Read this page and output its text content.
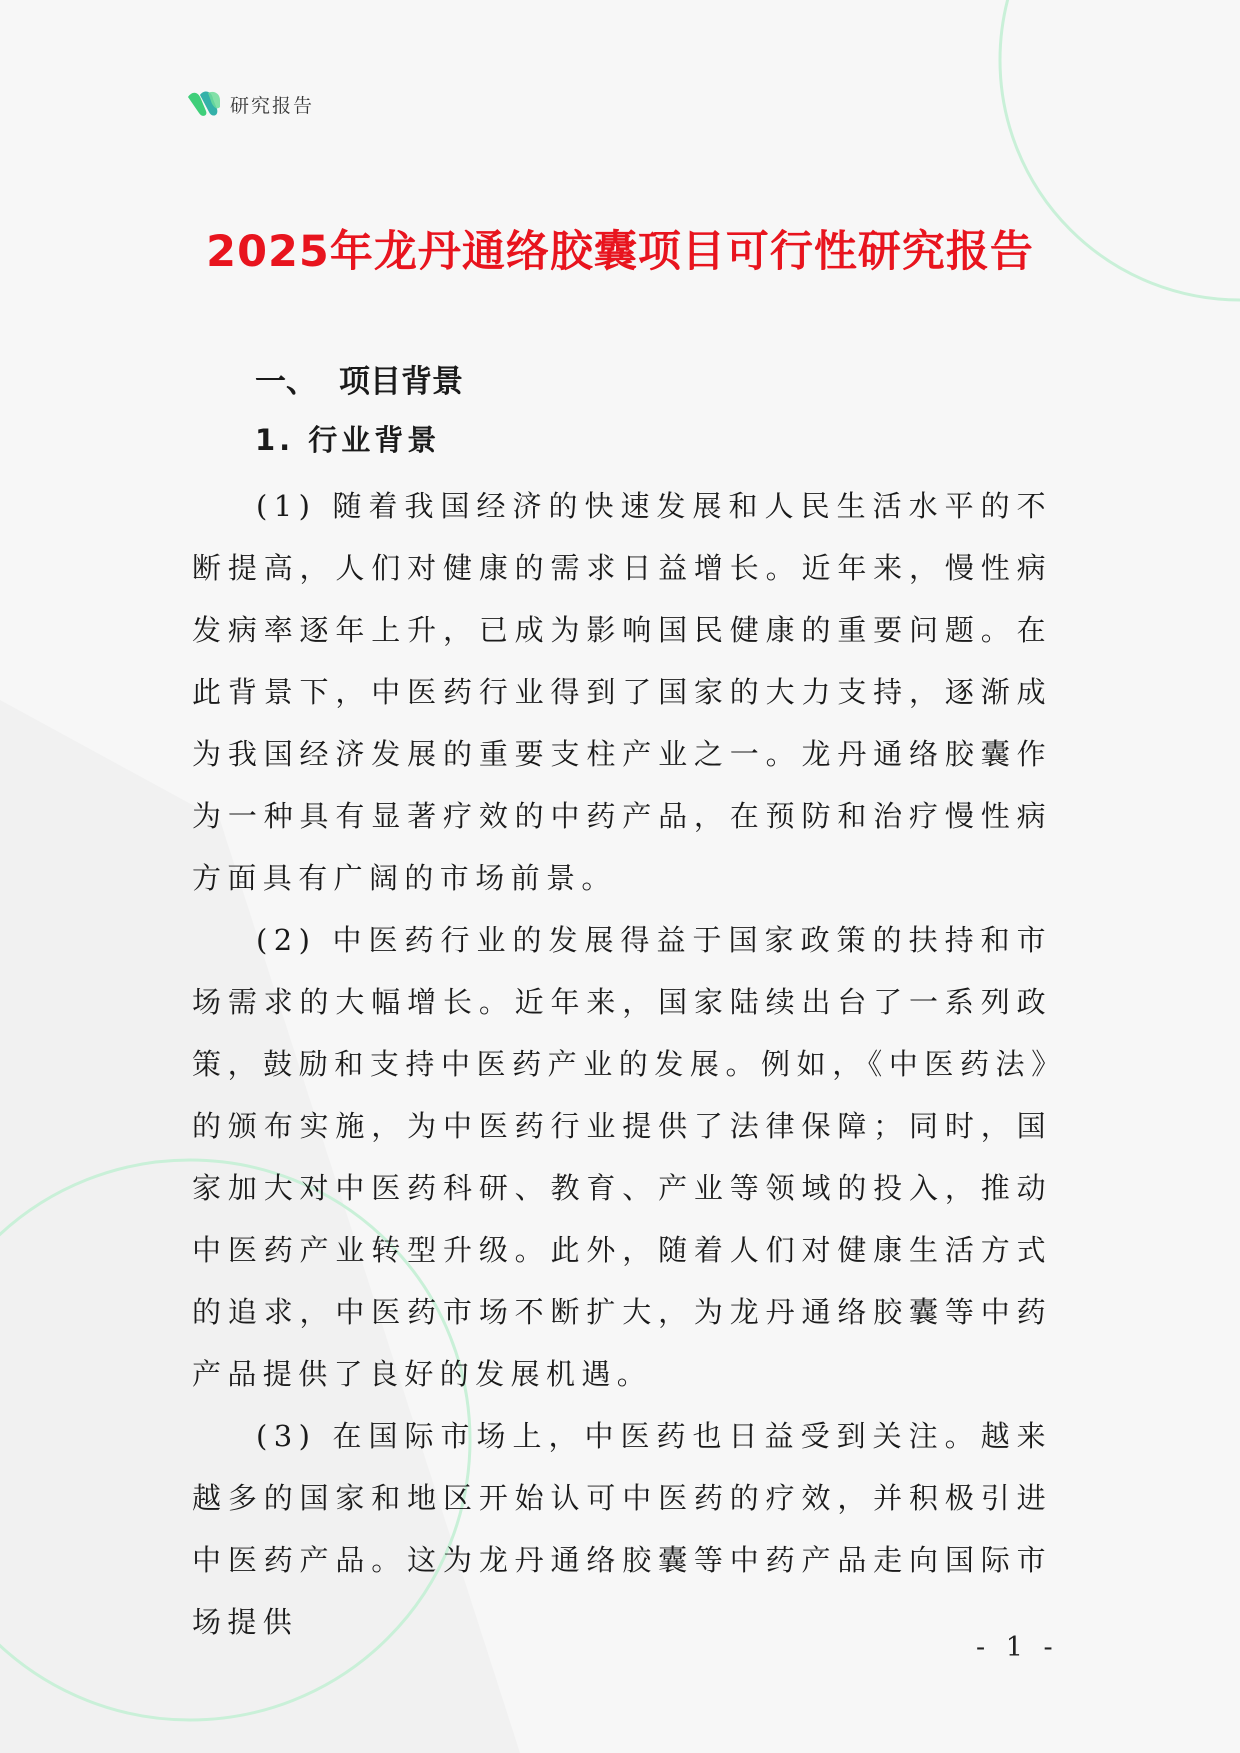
研究报告
2025年龙丹通络胶囊项目可行性研究报告
一、 项目背景
1. 行业背景

(1) 随着我国经济的快速发展和人民生活水平的不断提高，人们对健康的需求日益增长。近年来，慢性病发病率逐年上升，已成为影响国民健康的重要问题。在此背景下，中医药行业得到了国家的大力支持，逐渐成为我国经济发展的重要支柱产业之一。龙丹通络胶囊作为一种具有显著疗效的中药产品，在预防和治疗慢性病方面具有广阔的市场前景。

(2) 中医药行业的发展得益于国家政策的扶持和市场需求的大幅增长。近年来，国家陆续出台了一系列政策，鼓励和支持中医药产业的发展。例如，《中医药法》的颁布实施，为中医药行业提供了法律保障；同时，国家加大对中医药科研、教育、产业等领域的投入，推动中医药产业转型升级。此外，随着人们对健康生活方式的追求，中医药市场不断扩大，为龙丹通络胶囊等中药产品提供了良好的发展机遇。

(3) 在国际市场上，中医药也日益受到关注。越来越多的国家和地区开始认可中医药的疗效，并积极引进中医药产品。这为龙丹通络胶囊等中药产品走向国际市场提供

- 1 -
